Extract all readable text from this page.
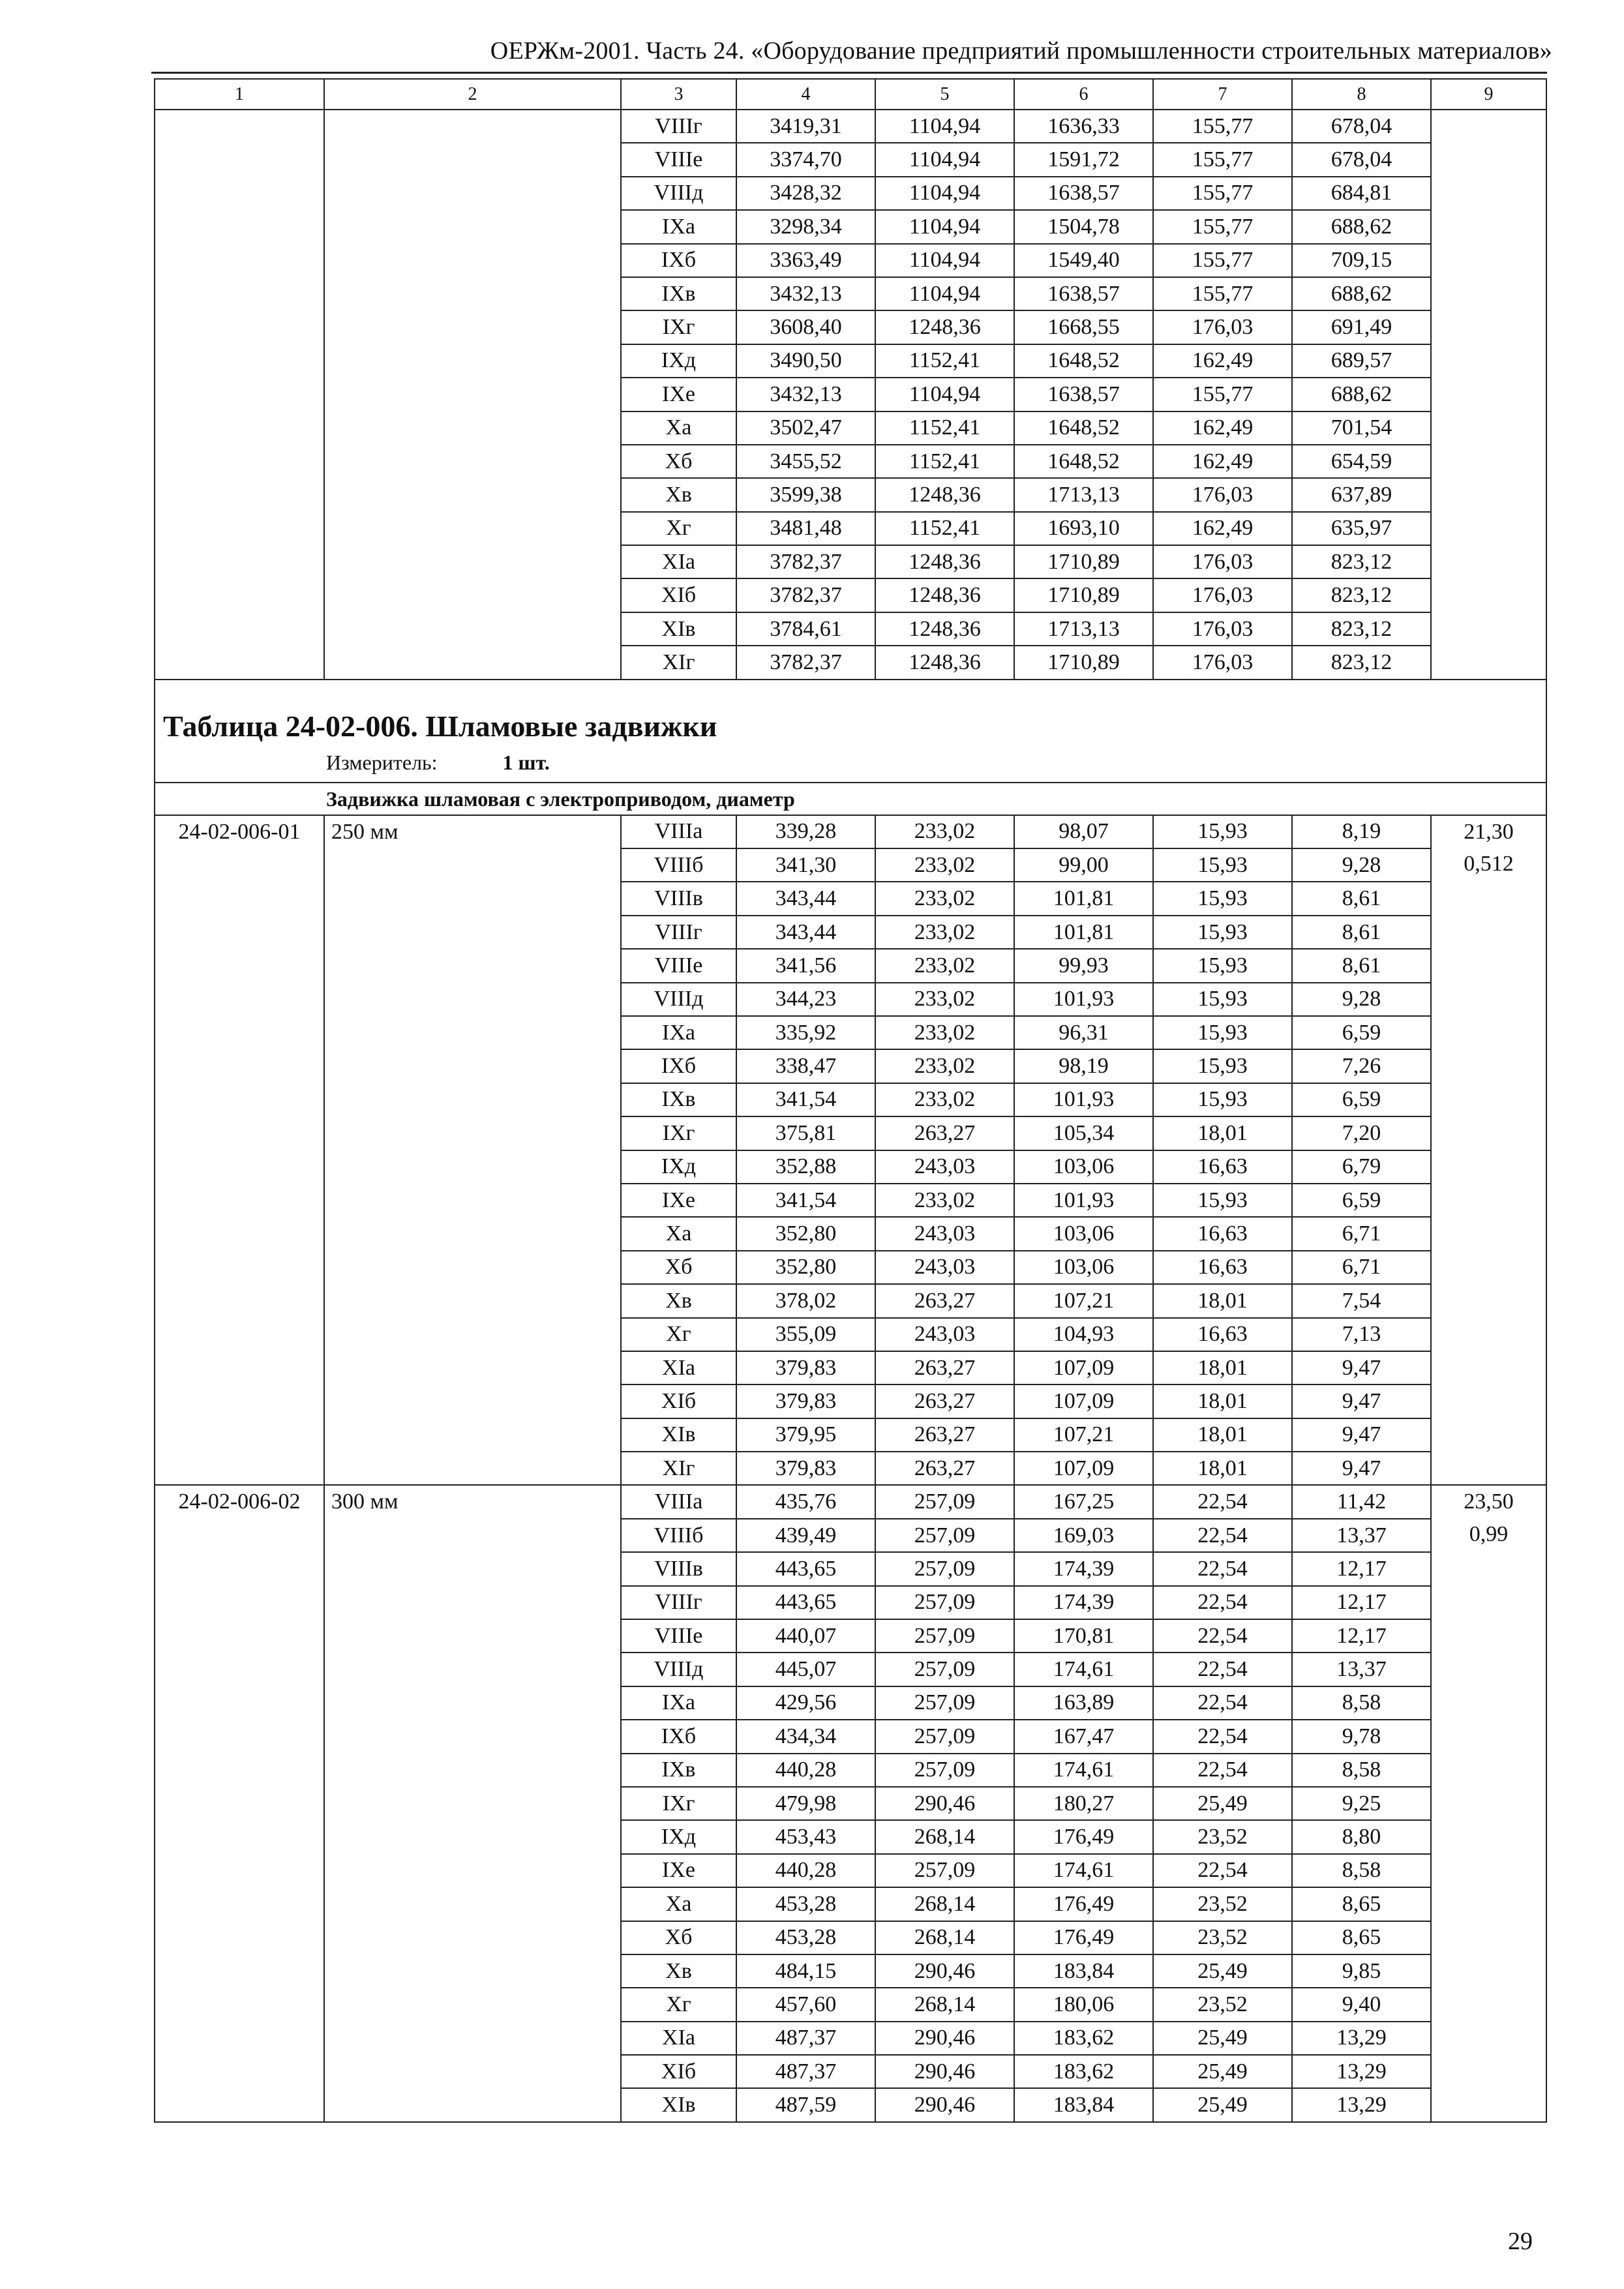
ОЕРЖм-2001. Часть 24. «Оборудование предприятий промышленности строительных материалов»
1	2	3	4	5	6	7	8	9
		VIIIг	3419,31	1104,94	1636,33	155,77	678,04	
		VIIIе	3374,70	1104,94	1591,72	155,77	678,04	
		VIIIд	3428,32	1104,94	1638,57	155,77	684,81	
		IXа	3298,34	1104,94	1504,78	155,77	688,62	
		IXб	3363,49	1104,94	1549,40	155,77	709,15	
		IXв	3432,13	1104,94	1638,57	155,77	688,62	
		IXг	3608,40	1248,36	1668,55	176,03	691,49	
		IXд	3490,50	1152,41	1648,52	162,49	689,57	
		IXе	3432,13	1104,94	1638,57	155,77	688,62	
		Xа	3502,47	1152,41	1648,52	162,49	701,54	
		Xб	3455,52	1152,41	1648,52	162,49	654,59	
		Xв	3599,38	1248,36	1713,13	176,03	637,89	
		Xг	3481,48	1152,41	1693,10	162,49	635,97	
		XIа	3782,37	1248,36	1710,89	176,03	823,12	
		XIб	3782,37	1248,36	1710,89	176,03	823,12	
		XIв	3784,61	1248,36	1713,13	176,03	823,12	
		XIг	3782,37	1248,36	1710,89	176,03	823,12	
Таблица 24-02-006. Шламовые задвижки								
Измеритель: 1 шт.								
Задвижка шламовая с электроприводом, диаметр								
24-02-006-01	250 мм	VIIIа	339,28	233,02	98,07	15,93	8,19	21,30
0,512

		VIIIб	341,30	233,02	99,00	15,93	9,28	
		VIIIв	343,44	233,02	101,81	15,93	8,61	
		VIIIг	343,44	233,02	101,81	15,93	8,61	
		VIIIе	341,56	233,02	99,93	15,93	8,61	
		VIIIд	344,23	233,02	101,93	15,93	9,28	
		IXа	335,92	233,02	96,31	15,93	6,59	
		IXб	338,47	233,02	98,19	15,93	7,26	
		IXв	341,54	233,02	101,93	15,93	6,59	
		IXг	375,81	263,27	105,34	18,01	7,20	
		IXд	352,88	243,03	103,06	16,63	6,79	
		IXе	341,54	233,02	101,93	15,93	6,59	
		Xа	352,80	243,03	103,06	16,63	6,71	
		Xб	352,80	243,03	103,06	16,63	6,71	
		Xв	378,02	263,27	107,21	18,01	7,54	
		Xг	355,09	243,03	104,93	16,63	7,13	
		XIа	379,83	263,27	107,09	18,01	9,47	
		XIб	379,83	263,27	107,09	18,01	9,47	
		XIв	379,95	263,27	107,21	18,01	9,47	
		XIг	379,83	263,27	107,09	18,01	9,47	
24-02-006-02	300 мм	VIIIа	435,76	257,09	167,25	22,54	11,42	23,50
0,99

		VIIIб	439,49	257,09	169,03	22,54	13,37	
		VIIIв	443,65	257,09	174,39	22,54	12,17	
		VIIIг	443,65	257,09	174,39	22,54	12,17	
		VIIIе	440,07	257,09	170,81	22,54	12,17	
		VIIIд	445,07	257,09	174,61	22,54	13,37	
		IXа	429,56	257,09	163,89	22,54	8,58	
		IXб	434,34	257,09	167,47	22,54	9,78	
		IXв	440,28	257,09	174,61	22,54	8,58	
		IXг	479,98	290,46	180,27	25,49	9,25	
		IXд	453,43	268,14	176,49	23,52	8,80	
		IXе	440,28	257,09	174,61	22,54	8,58	
		Xа	453,28	268,14	176,49	23,52	8,65	
		Xб	453,28	268,14	176,49	23,52	8,65	
		Xв	484,15	290,46	183,84	25,49	9,85	
		Xг	457,60	268,14	180,06	23,52	9,40	
		XIа	487,37	290,46	183,62	25,49	13,29	
		XIб	487,37	290,46	183,62	25,49	13,29	
		XIв	487,59	290,46	183,84	25,49	13,29	
29
